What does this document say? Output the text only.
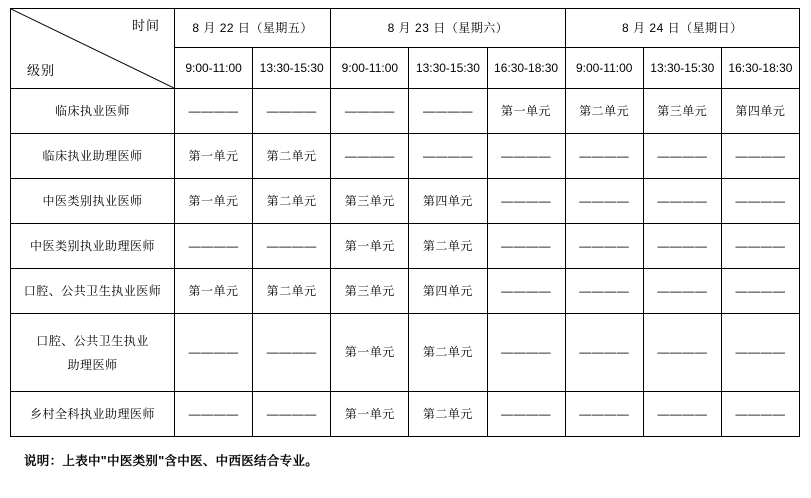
时间
级别	8 月 22 日（星期五）		8 月 23 日（星期六）			8 月 24 日（星期日）		
	9:00-11:00	13:30-15:30	9:00-11:00	13:30-15:30	16:30-18:30	9:00-11:00	13:30-15:30	16:30-18:30
临床执业医师	————	————	————	————	第一单元	第二单元	第三单元	第四单元
临床执业助理医师	第一单元	第二单元	————	————	————	————	————	————
中医类别执业医师	第一单元	第二单元	第三单元	第四单元	————	————	————	————
中医类别执业助理医师	————	————	第一单元	第二单元	————	————	————	————
口腔、公共卫生执业医师	第一单元	第二单元	第三单元	第四单元	————	————	————	————

口腔、公共卫生执业
助理医师	————	————	第一单元	第二单元	————	————	————	————
乡村全科执业助理医师	————	————	第一单元	第二单元	————	————	————	————
说明：上表中"中医类别"含中医、中西医结合专业。
